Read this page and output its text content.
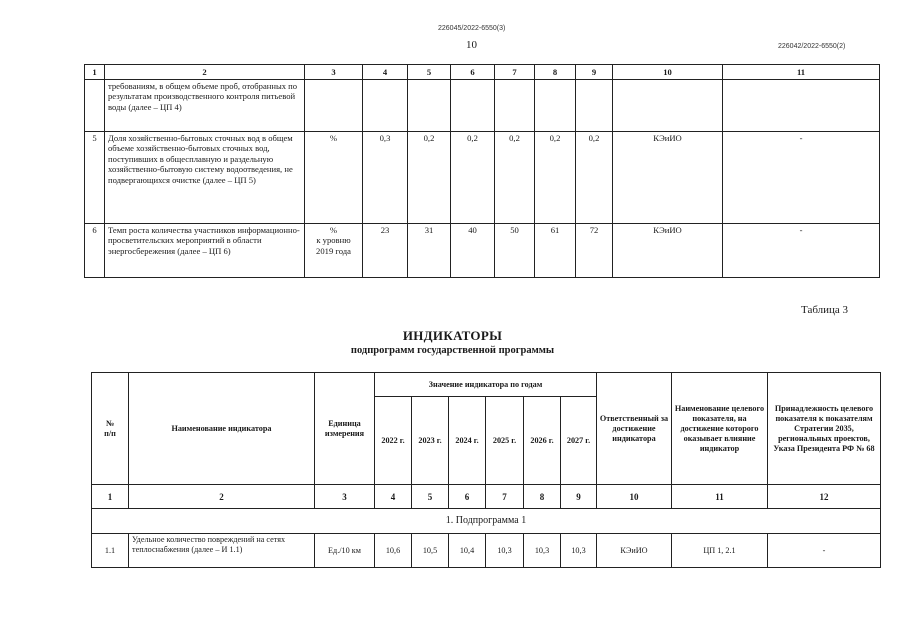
226045/2022-6550(3)
10	226042/2022-6550(2)
1	2	3	4	5	6	7	8	9	10	11
	требованиям, в общем объеме проб, отобранных по результатам производственного контроля питьевой воды (далее – ЦП 4)									
5	Доля хозяйственно-бытовых сточных вод в общем объеме хозяйственно-бытовых сточных вод, поступивших в общесплавную и раздельную хозяйственно-бытовую систему водоотведения, не подвергающихся очистке (далее – ЦП 5)	%	0,3	0,2	0,2	0,2	0,2	0,2	КЭиИО	-
6	Темп роста количества участников информационно-просветительских мероприятий в области энергосбережения (далее – ЦП 6)	%
к уровню
2019 года	23	31	40	50	61	72	КЭиИО	-
Таблица 3
ИНДИКАТОРЫ
подпрограмм государственной программы
№
п/п	Наименование индикатора	Единица измерения	Значение индикатора по годам						Ответственный за достижение индикатора	Наименование целевого показателя, на достижение которого оказывает влияние индикатор	Принадлежность целевого показателя к показателям Стратегии 2035, региональных проектов, Указа Президента РФ № 68
			2022 г.	2023 г.	2024 г.	2025 г.	2026 г.	2027 г.			
1	2	3	4	5	6	7	8	9	10	11	12
1. Подпрограмма 1											
1.1	Удельное количество повреждений на сетях теплоснабжения (далее – И 1.1)	Ед./10 км	10,6	10,5	10,4	10,3	10,3	10,3	КЭиИО	ЦП 1, 2.1	-
